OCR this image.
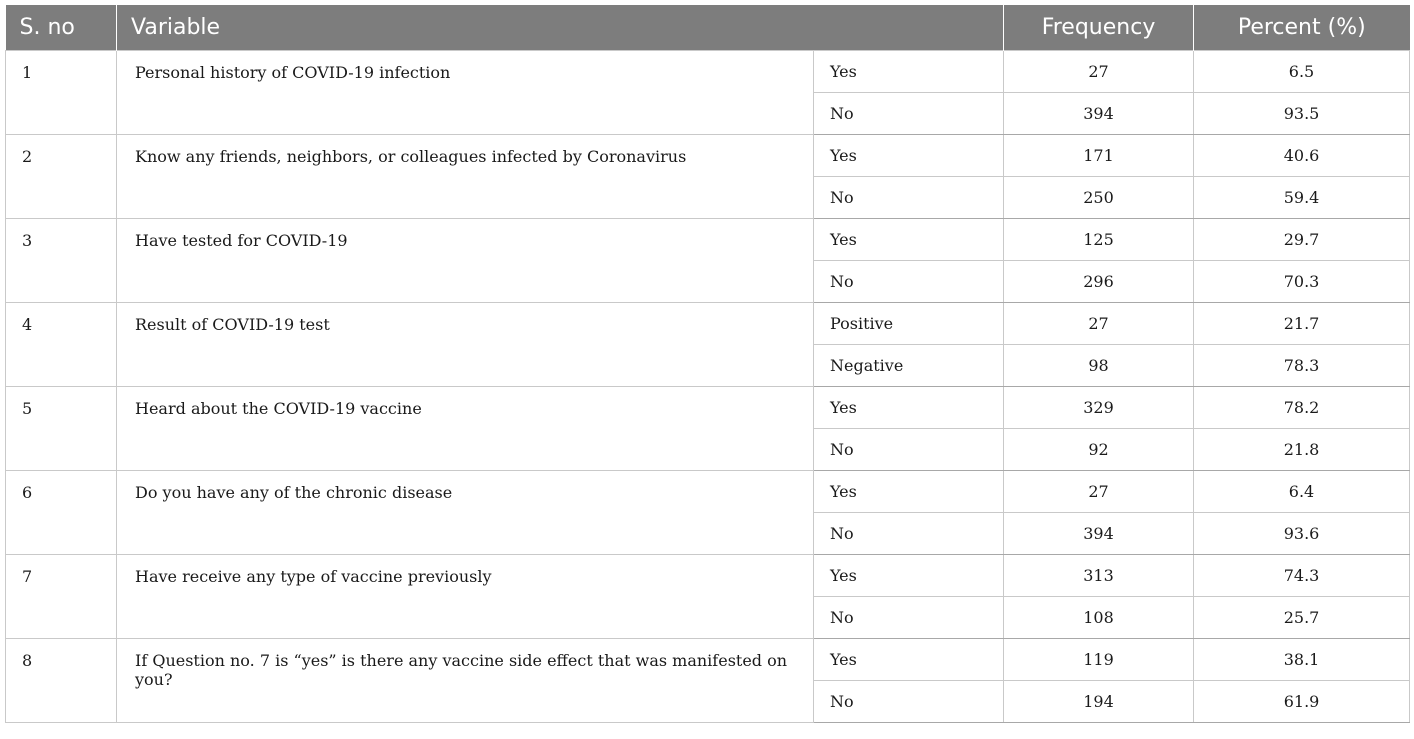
S. no	Variable		Frequency	Percent (%)
1	Personal history of COVID-19 infection	Yes	27	6.5
		No	394	93.5
2	Know any friends, neighbors, or colleagues infected by Coronavirus	Yes	171	40.6
		No	250	59.4
3	Have tested for COVID-19	Yes	125	29.7
		No	296	70.3
4	Result of COVID-19 test	Positive	27	21.7
		Negative	98	78.3
5	Heard about the COVID-19 vaccine	Yes	329	78.2
		No	92	21.8
6	Do you have any of the chronic disease	Yes	27	6.4
		No	394	93.6
7	Have receive any type of vaccine previously	Yes	313	74.3
		No	108	25.7
8	If Question no. 7 is “yes” is there any vaccine side effect that was manifested on you?	Yes	119	38.1
		No	194	61.9
